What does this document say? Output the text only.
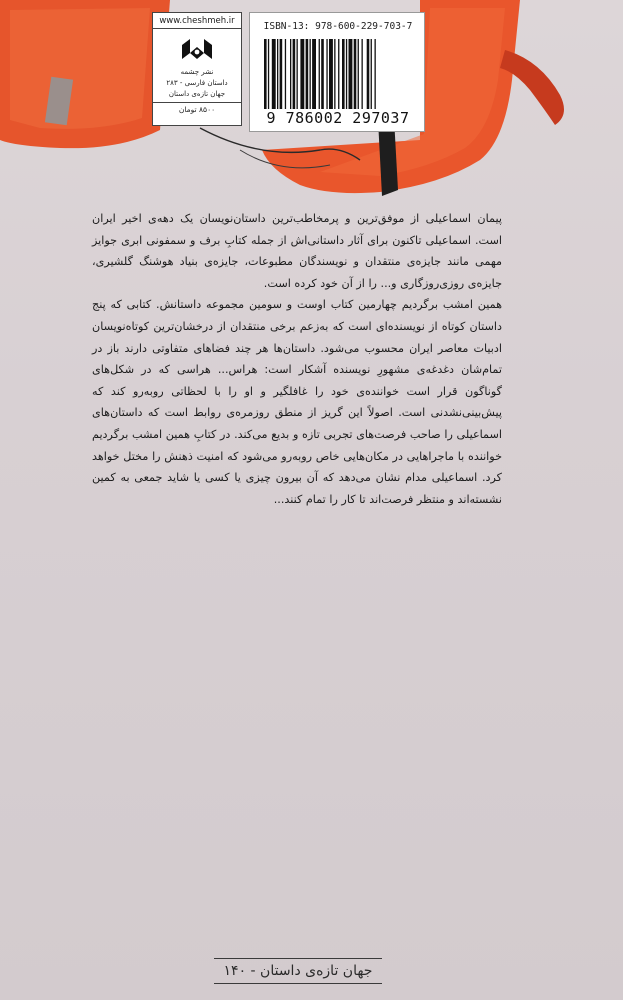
www.cheshmeh.ir
نشر چشمه
داستان فارسی - ۲۸۳
جهان تازه‌ی داستان
۸۵۰۰ تومان
ISBN-13: 978-600-229-703-7
9 786002 297037

پیمان اسماعیلی از موفق‌ترین و پرمخاطب‌ترین داستان‌نویسان یک دهه‌ی اخیر ایران است. اسماعیلی تاکنون برای آثار داستانی‌اش از جمله کتابِ برف و سمفونی ابری جوایز مهمی مانند جایزه‌ی منتقدان و نویسندگان مطبوعات، جایزه‌ی بنیاد هوشنگ گلشیری، جایزه‌ی روزی‌روزگاری و... را از آن خود کرده است.

همین امشب برگردیم چهارمین کتاب اوست و سومین مجموعه داستانش. کتابی که پنج داستان کوتاه از نویسنده‌ای است که به‌زعم برخی منتقدان از درخشان‌ترین کوتاه‌نویسان ادبیات معاصر ایران محسوب می‌شود. داستان‌ها هر چند فضاهای متفاوتی دارند باز در تمام‌شان دغدغه‌ی مشهورِ نویسنده آشکار است: هراس... هراسی که در شکل‌های گوناگون قرار است خواننده‌ی خود را غافلگیر و او را با لحظاتی روبه‌رو کند که پیش‌بینی‌نشدنی است. اصولاً این گریز از منطق روزمره‌ی روابط است که داستان‌های اسماعیلی را صاحب فرصت‌های تجربی تازه و بدیع می‌کند. در کتابِ همین امشب برگردیم خواننده با ماجراهایی در مکان‌هایی خاص روبه‌رو می‌شود که امنیت ذهنش را مختل خواهد کرد. اسماعیلی مدام نشان می‌دهد که آن بیرون چیزی یا کسی یا شاید جمعی به کمین نشسته‌اند و منتظر فرصت‌اند تا کار را تمام کنند...

جهان تازه‌ی داستان - ۱۴۰
